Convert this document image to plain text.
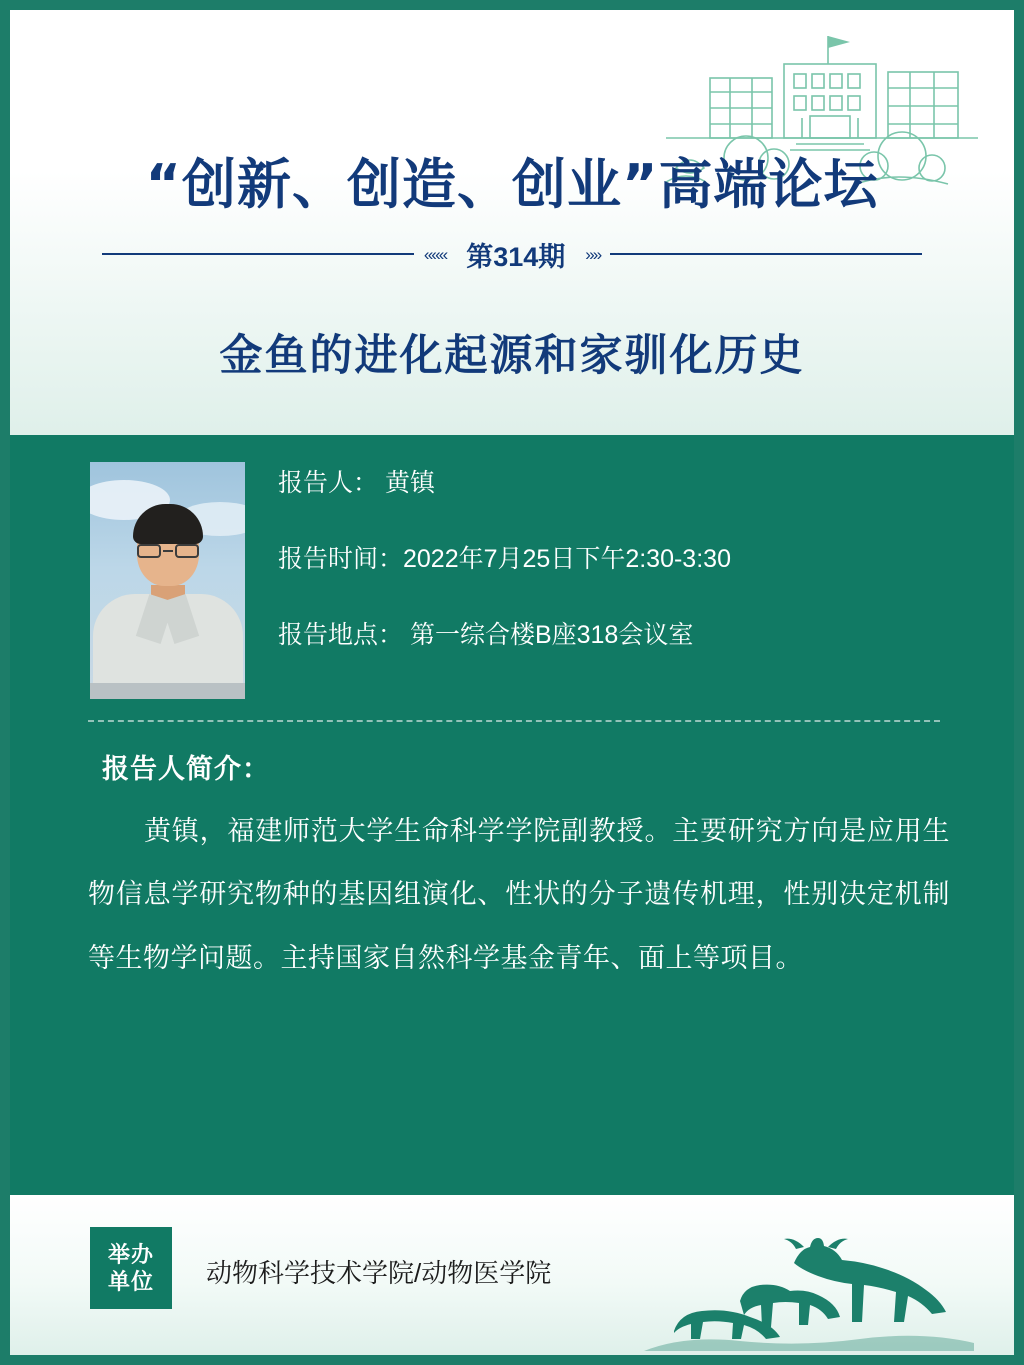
“创新、创造、创业”高端论坛
««« 第314期	»»
金鱼的进化起源和家驯化历史
报告人： 黄镇
报告时间：2022年7月25日下午2:30-3:30
报告地点： 第一综合楼B座318会议室
报告人简介：
黄镇，福建师范大学生命科学学院副教授。主要研究方向是应用生物信息学研究物种的基因组演化、性状的分子遗传机理，性别决定机制等生物学问题。主持国家自然科学基金青年、面上等项目。
举办
单位 动物科学技术学院/动物医学院
